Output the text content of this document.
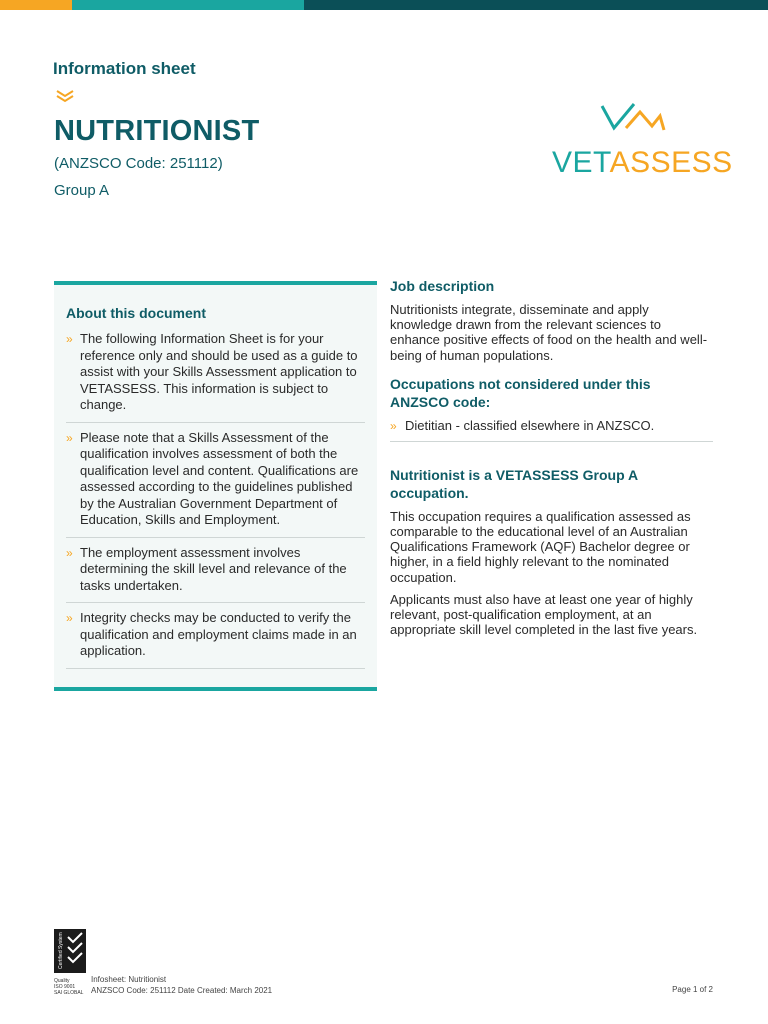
Information sheet
NUTRITIONIST
(ANZSCO Code: 251112)
Group A
VETASSESS
About this document
» The following Information Sheet is for your reference only and should be used as a guide to assist with your Skills Assessment application to VETASSESS. This information is subject to change.
» Please note that a Skills Assessment of the qualification involves assessment of both the qualification level and content. Qualifications are assessed according to the guidelines published by the Australian Government Department of Education, Skills and Employment.
» The employment assessment involves determining the skill level and relevance of the tasks undertaken.
» Integrity checks may be conducted to verify the qualification and employment claims made in an application.
Job description

Nutritionists integrate, disseminate and apply knowledge drawn from the relevant sciences to enhance positive effects of food on the health and well-being of human populations.

Occupations not considered under this ANZSCO code:
» Dietitian - classified elsewhere in ANZSCO.
Nutritionist is a VETASSESS Group A occupation.

This occupation requires a qualification assessed as comparable to the educational level of an Australian Qualifications Framework (AQF) Bachelor degree or higher, in a field highly relevant to the nominated occupation.

Applicants must also have at least one year of highly relevant, post-qualification employment, at an appropriate skill level completed in the last five years.

Certified System
Quality
ISO 9001
SAI GLOBAL
Infosheet: Nutritionist
ANZSCO Code: 251112 Date Created: March 2021	Page 1 of 2
